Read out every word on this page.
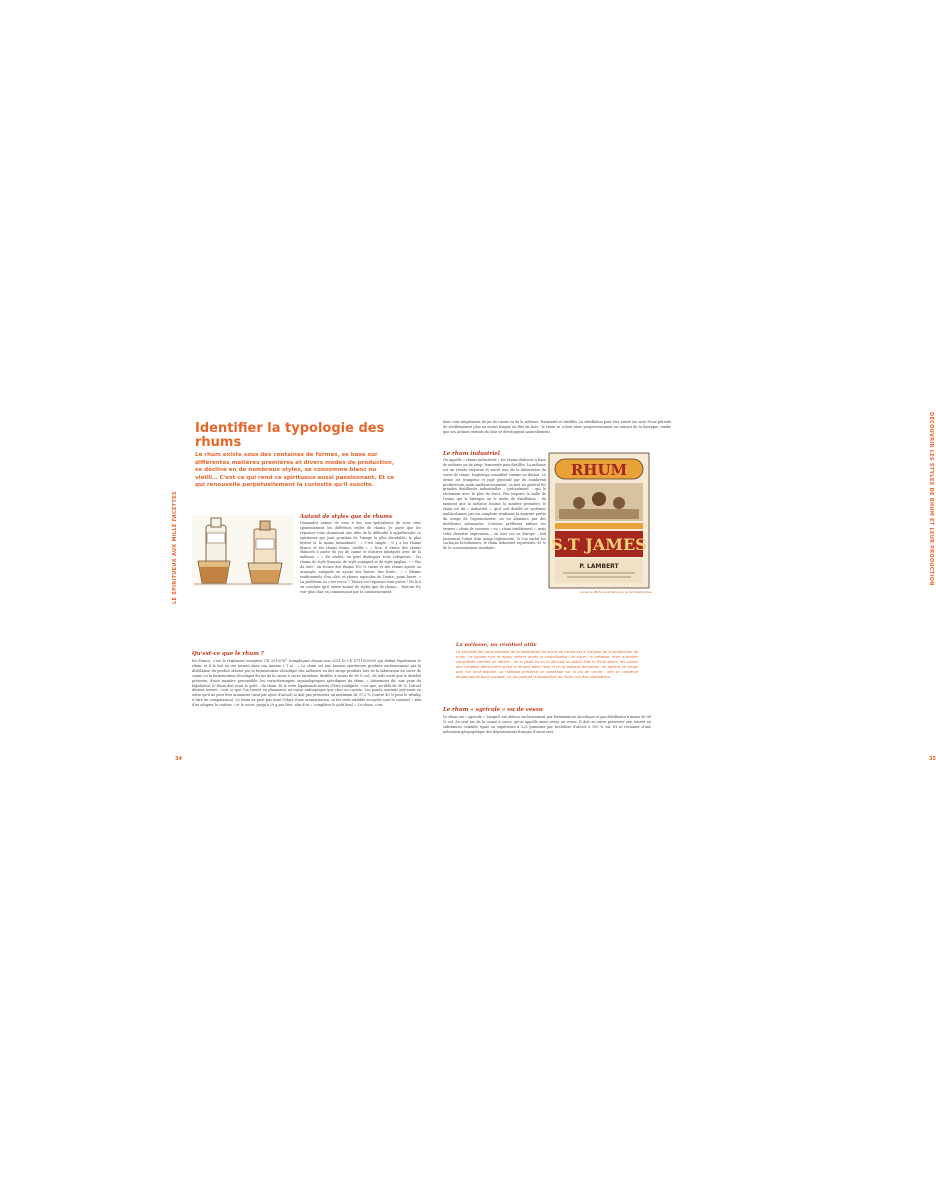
LE SPIRITUEUX AUX MILLE FACETTES
34
Identifier la typologie des rhums

Le rhum existe sous des centaines de formes, se base sur différentes matières premières et divers modes de production, se décline en de nombreux styles, se consomme blanc ou vieilli… C'est ce qui rend ce spiritueux aussi passionnant. Et ce qui renouvelle perpétuellement la curiosité qu'il suscite.

Autant de styles que de rhums

Demandez autour de vous à des non spécialistes de vous citer spontanément les différents styles de rhums. Je parie que les réponses vous donneront une idée de la difficulté à appréhender ce spiritueux qui jouit pourtant de l'image la plus abordable, la plus festive et la moins intimidante : « C'est simple : il y a les rhums blancs et les rhums bruns, vieillis » « Non, il existe des rhums élaborés à partir du jus de canne et d'autres fabriqués avec de la mélasse. » « En réalité, on peut distinguer trois catégories : les rhums de style français, de style espagnol et de style anglais. » « Pas du tout : on trouve des rhums 100 % canne et des rhums épicés ou arrangés, auxquels on ajoute des épices, des fruits… » « Rhums traditionnels d'un côté, et rhums agricoles de l'autre, point barre. » La problème ici c'est est-ce ? Toutes ces réponses sont justes ! De là à en conclure qu'il existe autant de styles que de rhums… Tentons d'y voir plus clair en commençant par le commencement.

Qu'est-ce que le rhum ?

En France, c'est le règlement européen UE 2019/787 (remplaçant depuis mai 2021 le CE N°110/2008) qui définit légalement le rhum, et il le fait en ces termes dans son Annexe I 1 a) : « Le rhum est une boisson spiritueuse produite exclusivement par la distillation du produit obtenu par la fermentation alcoolique des mélasses ou des sirops produits lors de la fabrication du sucre de canne ou la fermentation alcoolique du jus de la canne à sucre lui-même, distillés à moins de 96 % vol., de telle sorte que le distillat présente, d'une manière perceptible, les caractéristiques organoleptiques spécifiques du rhum. » Autrement dit, aux yeux du législateur, le rhum doit avoir le goût… du rhum. Et si cette lapalissade mérite d'être soulignée, c'est que, au-delà de 96 %, l'alcool devient neutre : tout ce que l'on trouve en pharmacie au rayon antiseptique que chez un caviste. Les points suivants précisent en outre qu'il ne peut être aromatisé (sauf par ajout d'alcool) ni doit pas présenter un minimum de 37,5 % (contre 40 % pour le whisky, à titre de comparaison). Le rhum ne peut pas faire l'objet d'une aromatisation, ni les seuls additifs acceptés sont le caramel « afin d'en adapter la couleur » et le sucre, jusqu'à 20 g par litre, afin d'en « compléter le goût final ». Le rhum, c'est

DÉCOUVRIR LES STYLES DE RHUM ET LEUR PRODUCTION
35

donc tout simplement du jus de canne ou de la mélasse, fermentés et distillés. La distillation peut être suivie (ou non) d'une période de vieillissement plus ou moins longue en fûts de bois : le rhum se colore alors progressivement au contact de la barrique, tandis que ses arômes extraits du bois se développent naturellement.

Le rhum industriel

On appelle « rhums industriels » les rhums élaborés à base de mélasse ou de sirop, fermentés puis distillés. La mélasse est un résidu visqueux et sucré issu de la fabrication du sucre de canne, longtemps considéré comme un déchet. Le terme est trompeur et jugé péjoratif par de nombreux producteurs, mais malheureusement, ce mot en général les grandes distilleries industrielles – précisément – qui le réclament avec le plus de force. Peu importe la taille de l'usine qui le fabrique ou le mode de distillation : du moment que la mélasse fournit la matière première, le rhum est dit « industriel », qu'il soit distillé en systèmes multicolonnes par un complexe rivalisant la majeure partie du temps de l'agroindustrie, ou en alambics par des distilleries artisanales. Certains préfèrent utiliser les termes « rhum de sucrerie » ou « rhum traditionnel », mais cette dernière expression – en tout cas en Europe – fait justement l'objet d'un usage réglementé. Si l'on exclut les cachaças brésiliennes, le rhum industriel représente 95 % de la consommation mondiale.

RHUM
S.T JAMES
P. LAMBERT

Ancienne affiche publicitaire pour le rhum Saint-James.

La mélasse, un résiduel utile

Le procédé des sous-produits de la fabrication du sucre de canne est à l'origine de la production de rhum. Le liquide noir et épais restant après la cristallisation du sucre, la mélasse, était autrefois considérée comme un déchet : on la jetait ou on la donnait au bétail. Dès le XVIIe siècle, les colons des Caraïbes découvrent qu'en la diluant dans l'eau et en la laissant fermenter, on obtient un alcool que l'on peut distiller. La mélasse présente un avantage sur le jus de canne : elle se conserve longtemps et peut voyager, ce qui permet la production de rhum loin des plantations.

Le rhum « agricole » ou de vesou

Le rhum est « agricole » lorsqu'il est obtenu exclusivement par fermentation alcoolique et par distillation à moins de 96 % vol. du seul jus de la canne à sucre, qu'on appelle aussi vesou ou vezou. Il doit en outre présenter une teneur en substances volatiles égale ou supérieure à 225 grammes par hectolitre d'alcool à 100 % vol. Et se réclamer d'une indication géographique des départements français d'outre-mer
